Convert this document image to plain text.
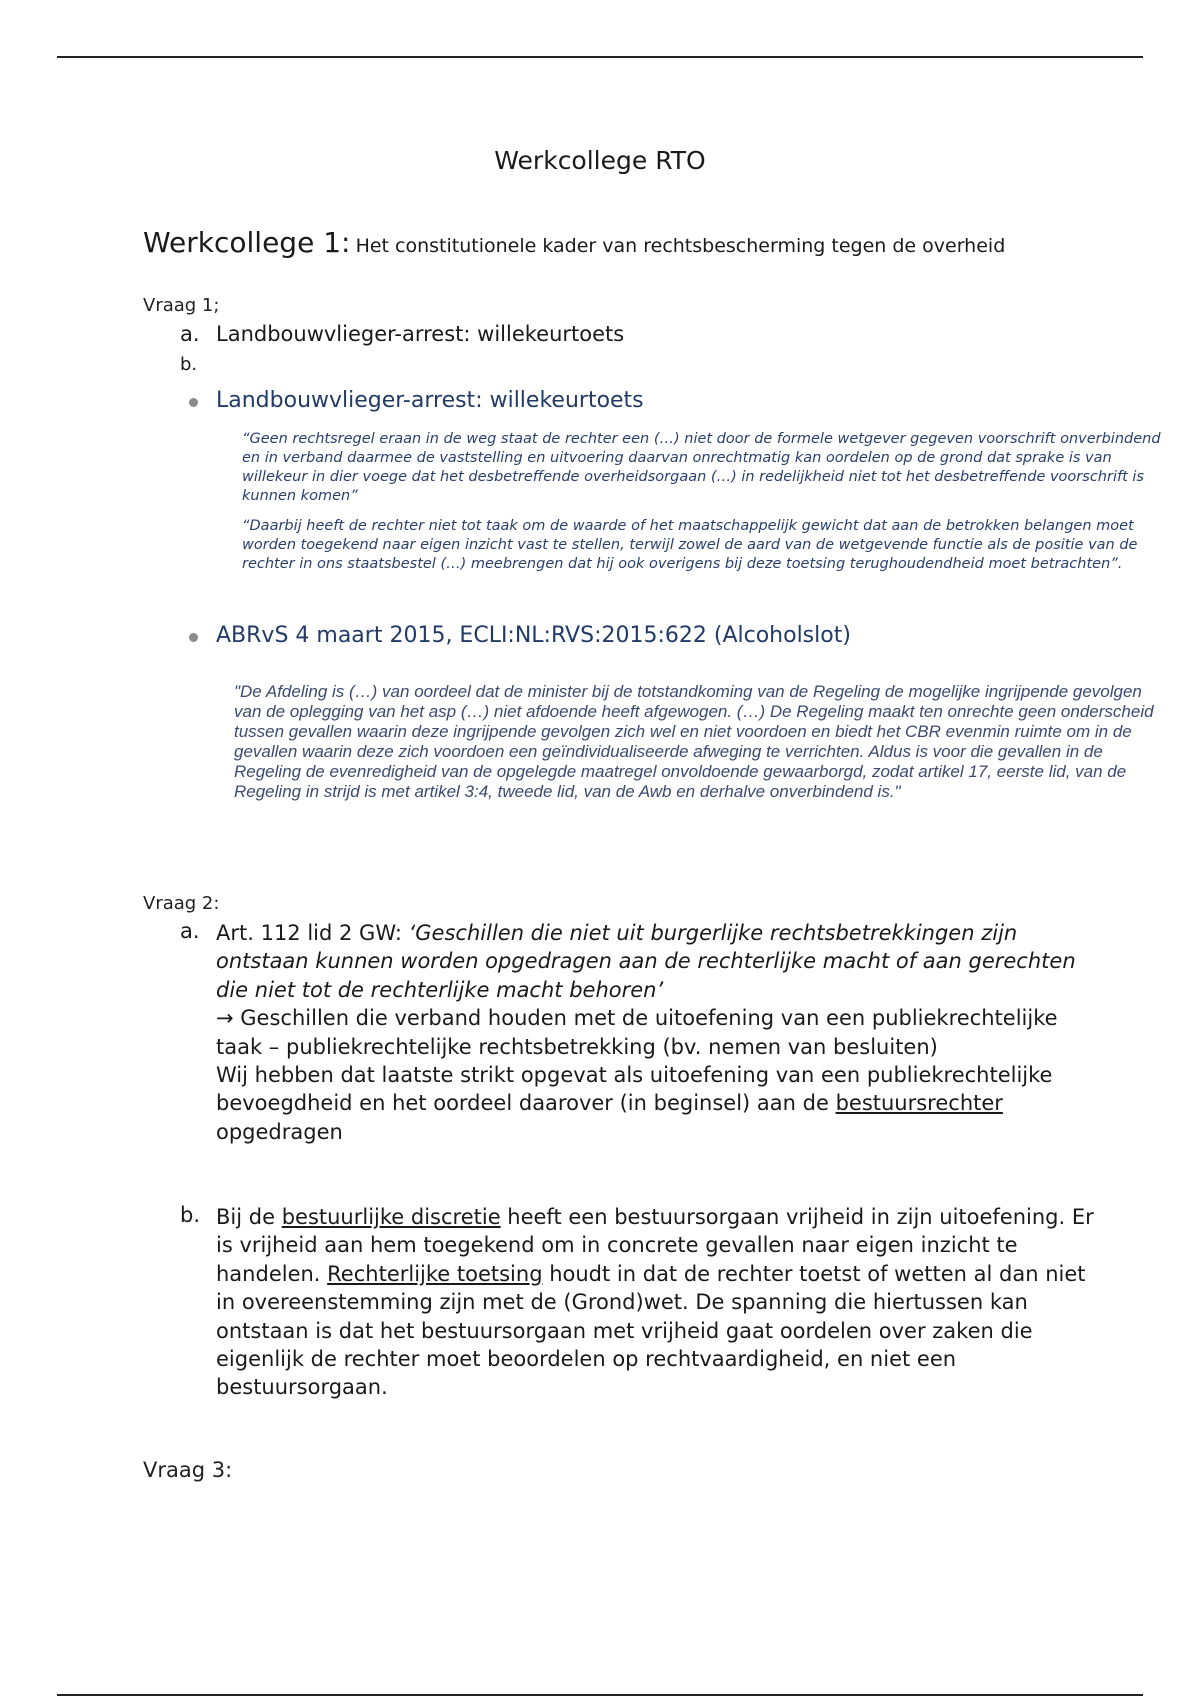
Werkcollege RTO
Werkcollege 1: Het constitutionele kader van rechtsbescherming tegen de overheid
Vraag 1;
a. Landbouwvlieger-arrest: willekeurtoets
b.
Landbouwvlieger-arrest: willekeurtoets
“Geen rechtsregel eraan in de weg staat de rechter een (…) niet door de formele wetgever gegeven voorschrift onverbindend en in verband daarmee de vaststelling en uitvoering daarvan onrechtmatig kan oordelen op de grond dat sprake is van willekeur in dier voege dat het desbetreffende overheidsorgaan (…) in redelijkheid niet tot het desbetreffende voorschrift is kunnen komen”
“Daarbij heeft de rechter niet tot taak om de waarde of het maatschappelijk gewicht dat aan de betrokken belangen moet worden toegekend naar eigen inzicht vast te stellen, terwijl zowel de aard van de wetgevende functie als de positie van de rechter in ons staatsbestel (…) meebrengen dat hij ook overigens bij deze toetsing terughoudendheid moet betrachten”.
ABRvS 4 maart 2015, ECLI:NL:RVS:2015:622 (Alcoholslot)
"De Afdeling is (…) van oordeel dat de minister bij de totstandkoming van de Regeling de mogelijke ingrijpende gevolgen van de oplegging van het asp (…) niet afdoende heeft afgewogen. (…) De Regeling maakt ten onrechte geen onderscheid tussen gevallen waarin deze ingrijpende gevolgen zich wel en niet voordoen en biedt het CBR evenmin ruimte om in de gevallen waarin deze zich voordoen een geïndividualiseerde afweging te verrichten. Aldus is voor die gevallen in de Regeling de evenredigheid van de opgelegde maatregel onvoldoende gewaarborgd, zodat artikel 17, eerste lid, van de Regeling in strijd is met artikel 3:4, tweede lid, van de Awb en derhalve onverbindend is."
Vraag 2:
a. Art. 112 lid 2 GW: ‘Geschillen die niet uit burgerlijke rechtsbetrekkingen zijn ontstaan kunnen worden opgedragen aan de rechterlijke macht of aan gerechten die niet tot de rechterlijke macht behoren’

→ Geschillen die verband houden met de uitoefening van een publiekrechtelijke taak – publiekrechtelijke rechtsbetrekking (bv. nemen van besluiten)

Wij hebben dat laatste strikt opgevat als uitoefening van een publiekrechtelijke bevoegdheid en het oordeel daarover (in beginsel) aan de bestuursrechter opgedragen

b. Bij de bestuurlijke discretie heeft een bestuursorgaan vrijheid in zijn uitoefening. Er is vrijheid aan hem toegekend om in concrete gevallen naar eigen inzicht te handelen. Rechterlijke toetsing houdt in dat de rechter toetst of wetten al dan niet in overeenstemming zijn met de (Grond)wet. De spanning die hiertussen kan ontstaan is dat het bestuursorgaan met vrijheid gaat oordelen over zaken die eigenlijk de rechter moet beoordelen op rechtvaardigheid, en niet een bestuursorgaan.

Vraag 3:
